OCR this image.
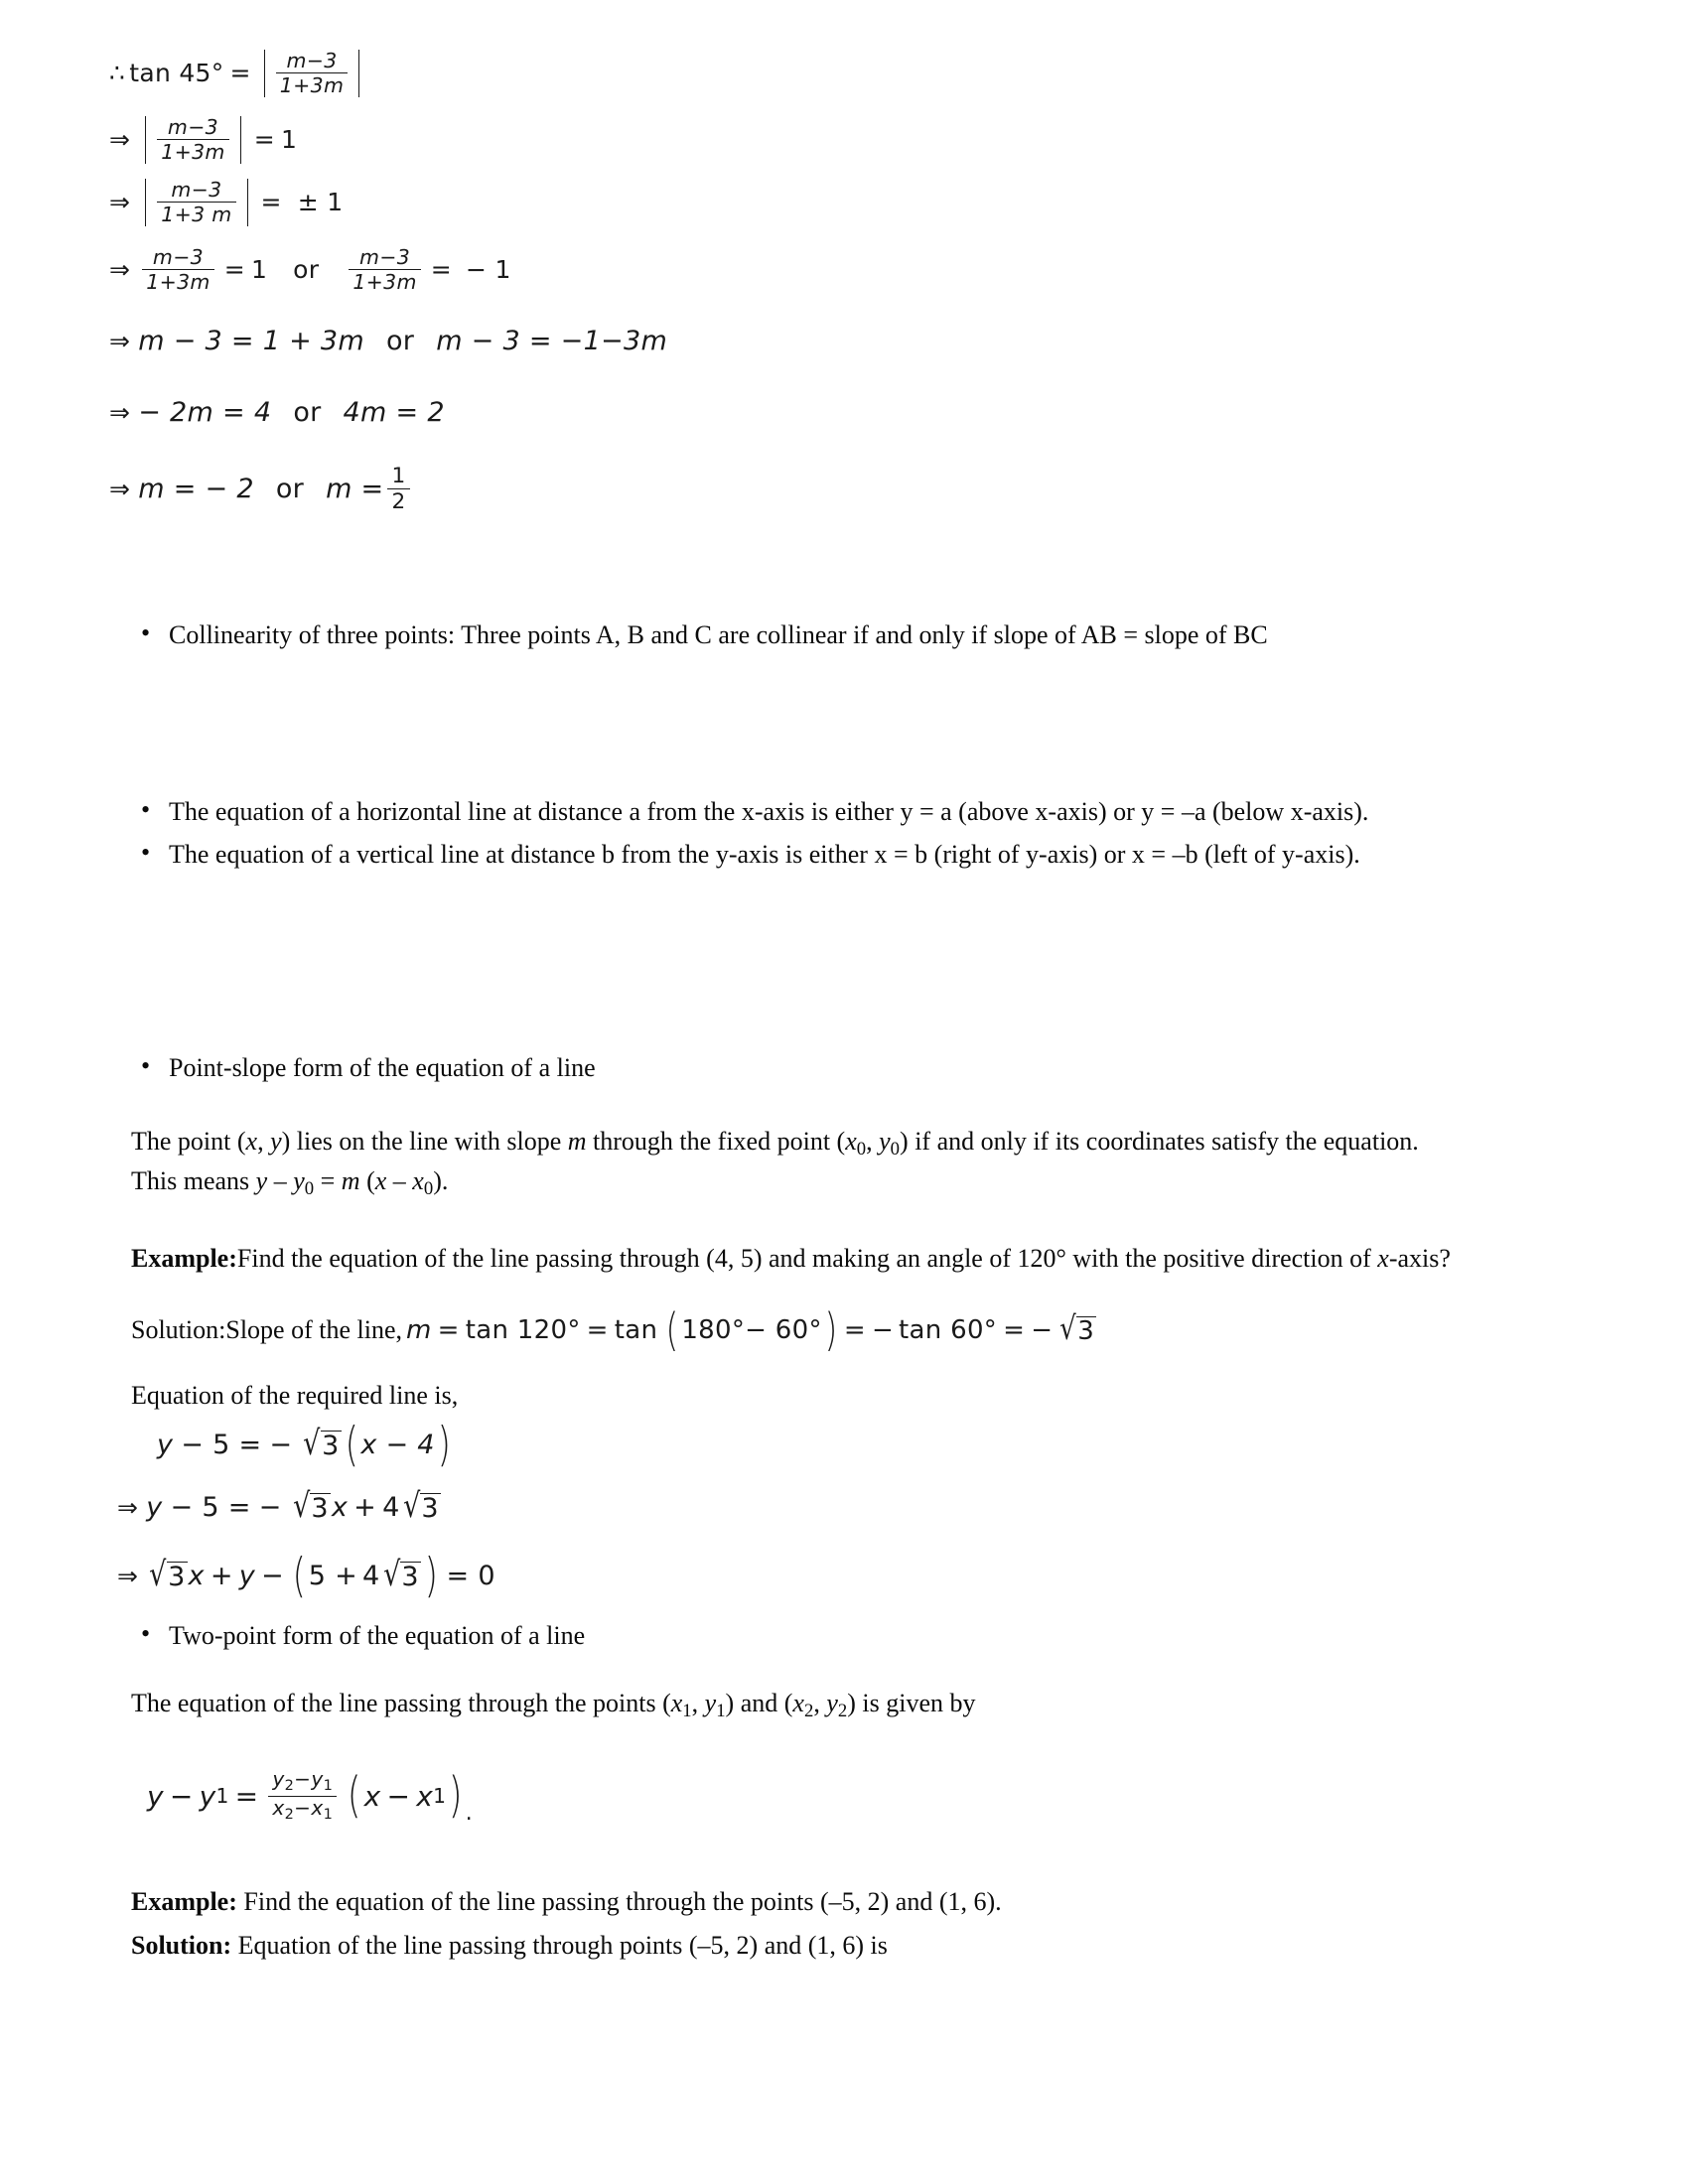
∴ $\tan 45^\circ = \frac{m-3}{1+3m}$
⇒ $\frac{m-3}{1+3m} = 1$
⇒ $\frac{m-3}{1+3 m}$ = ± 1
⇒ $\frac{m-3}{1+3m} = 1$ or $\frac{m-3}{1+3m}$ = − 1
⇒ m − 3 = 1 + 3m or m − 3 = −1−3m
⇒ − 2m = 4 or 4m = 2
⇒ m = − 2 or $m = \frac{1}{2}$
• Collinearity of three points: Three points A, B and C are collinear if and only if slope of AB = slope of BC
• The equation of a horizontal line at distance a from the x-axis is either y = a (above x-axis) or y = –a (below x-axis).
• The equation of a vertical line at distance b from the y-axis is either x = b (right of y-axis) or x = –b (left of y-axis).
• Point-slope form of the equation of a line
The point (x, y) lies on the line with slope m through the fixed point ($x_0$, $y_0$) if and only if its coordinates satisfy the equation. This means $y - y_0 = m$ $(x - x_0)$.
Example:Find the equation of the line passing through (4, 5) and making an angle of 120° with the positive direction of x-axis?
Solution: Slope of the line, m = tan 120° = tan ( 180°− 60° ) = − tan 60° = − √ 3
Equation of the required line is,
y − 5 = − √ 3 ( x − 4 )
⇒ y − 5 = − √ 3 x + 4 √ 3
⇒ √ 3 x + y − ( 5 + 4 √ 3 ) = 0
• Two-point form of the equation of a line
The equation of the line passing through the points ($x_1$, $y_1$) and ($x_2$, $y_2$) is given by
y − y $1 = \frac{y2-y1}{x2-x1}$ ( x − x 1 ) .
Example: Find the equation of the line passing through the points (–5, 2) and (1, 6).
Solution: Equation of the line passing through points (–5, 2) and (1, 6) is
